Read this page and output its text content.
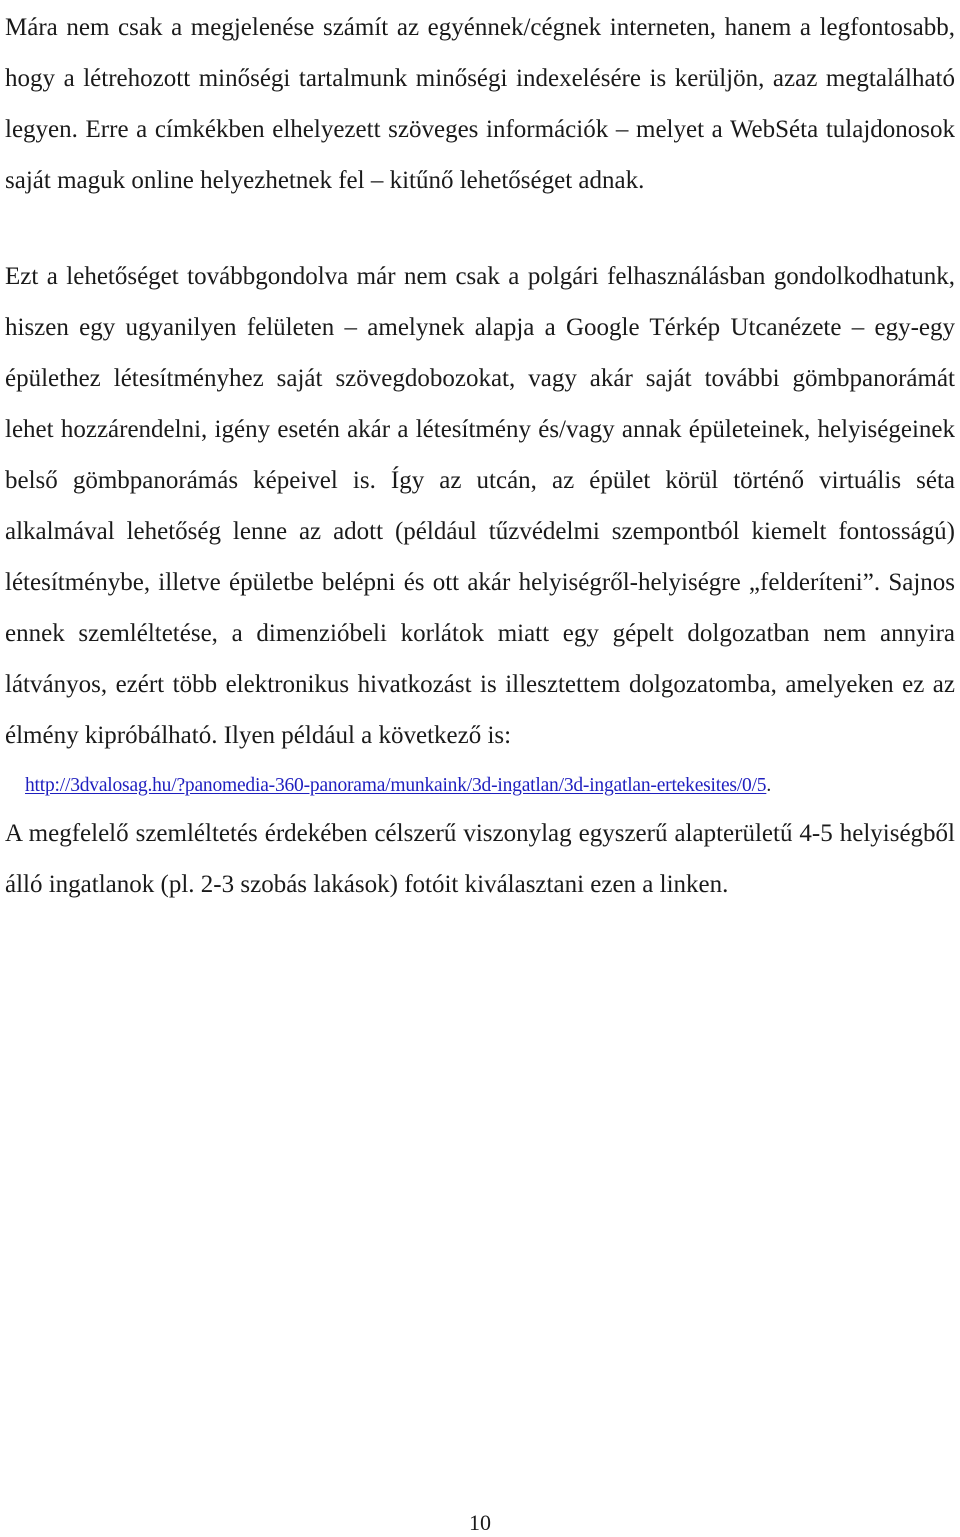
Mára nem csak a megjelenése számít az egyénnek/cégnek interneten, hanem a legfontosabb, hogy a létrehozott minőségi tartalmunk minőségi indexelésére is kerüljön, azaz megtalálható legyen. Erre a címkékben elhelyezett szöveges információk – melyet a WebSéta tulajdonosok saját maguk online helyezhetnek fel – kitűnő lehetőséget adnak.

Ezt a lehetőséget továbbgondolva már nem csak a polgári felhasználásban gondolkodhatunk, hiszen egy ugyanilyen felületen – amelynek alapja a Google Térkép Utcanézete – egy-egy épülethez létesítményhez saját szövegdobozokat, vagy akár saját további gömbpanorámát lehet hozzárendelni, igény esetén akár a létesítmény és/vagy annak épületeinek, helyiségeinek belső gömbpanorámás képeivel is. Így az utcán, az épület körül történő virtuális séta alkalmával lehetőség lenne az adott (például tűzvédelmi szempontból kiemelt fontosságú) létesítménybe, illetve épületbe belépni és ott akár helyiségről-helyiségre „felderíteni”. Sajnos ennek szemléltetése, a dimenzióbeli korlátok miatt egy gépelt dolgozatban nem annyira látványos, ezért több elektronikus hivatkozást is illesztettem dolgozatomba, amelyeken ez az élmény kipróbálható. Ilyen például a következő is:

http://3dvalosag.hu/?panomedia-360-panorama/munkaink/3d-ingatlan/3d-ingatlan-ertekesites/0/5.

A megfelelő szemléltetés érdekében célszerű viszonylag egyszerű alapterületű 4-5 helyiségből álló ingatlanok (pl. 2-3 szobás lakások) fotóit kiválasztani ezen a linken.

10
